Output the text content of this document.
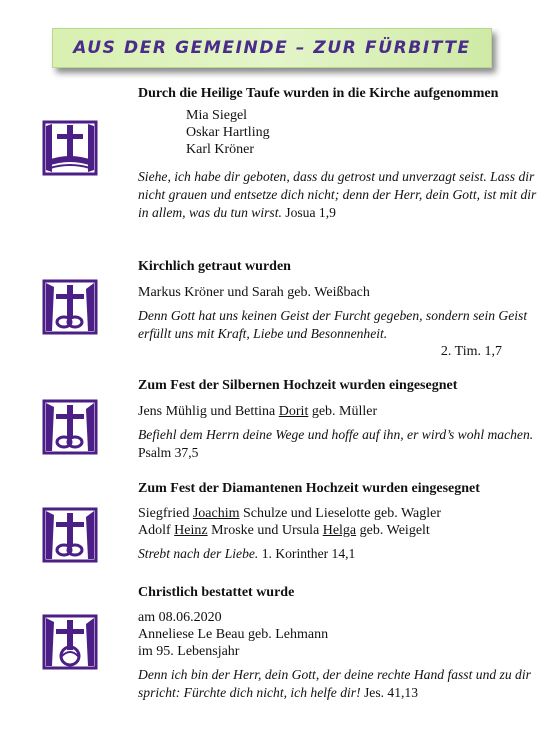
AUS DER GEMEINDE – ZUR FÜRBITTE

Durch die Heilige Taufe wurden in die Kirche aufgenommen

Mia Siegel

Oskar Hartling

Karl Kröner

Siehe, ich habe dir geboten, dass du getrost und unverzagt seist. Lass dir nicht grauen und entsetze dich nicht; denn der Herr, dein Gott, ist mit dir in allem, was du tun wirst. Josua 1,9

Kirchlich getraut wurden

Markus Kröner und Sarah geb. Weißbach

Denn Gott hat uns keinen Geist der Furcht gegeben, sondern sein Geist erfüllt uns mit Kraft, Liebe und Besonnenheit.

2. Tim. 1,7

Zum Fest der Silbernen Hochzeit wurden eingesegnet

Jens Mühlig und Bettina Dorit geb. Müller

Befiehl dem Herrn deine Wege und hoffe auf ihn, er wird’s wohl machen. Psalm 37,5

Zum Fest der Diamantenen Hochzeit wurden eingesegnet

Siegfried Joachim Schulze und Lieselotte geb. Wagler

Adolf Heinz Mroske und Ursula Helga geb. Weigelt

Strebt nach der Liebe. 1. Korinther 14,1

Christlich bestattet wurde

am 08.06.2020

Anneliese Le Beau geb. Lehmann

im 95. Lebensjahr

Denn ich bin der Herr, dein Gott, der deine rechte Hand fasst und zu dir spricht: Fürchte dich nicht, ich helfe dir! Jes. 41,13
